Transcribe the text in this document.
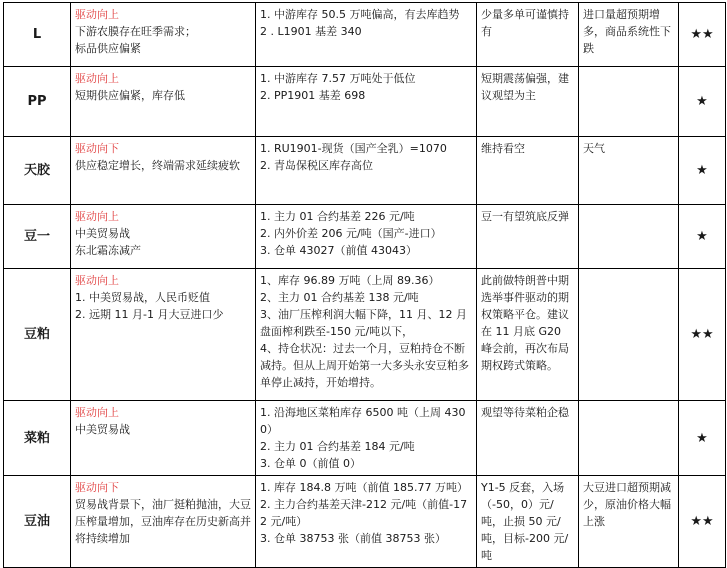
L	驱动向上
下游农膜存在旺季需求；
标品供应偏紧	1. 中游库存 50.5 万吨偏高，有去库趋势
2 . L1901 基差 340	少量多单可谨慎持有	进口量超预期增多，商品系统性下跌	★★
PP	驱动向上
短期供应偏紧，库存低	1. 中游库存 7.57 万吨处于低位
2. PP1901 基差 698	短期震荡偏强，建议观望为主		★
天胶	驱动向下
供应稳定增长，终端需求延续疲软	1. RU1901-现货（国产全乳）=1070
2. 青岛保税区库存高位	维持看空	天气	★
豆一	驱动向上
中美贸易战
东北霜冻减产	1. 主力 01 合约基差 226 元/吨
2. 内外价差 206 元/吨（国产-进口）
3. 仓单 43027（前值 43043）	豆一有望筑底反弹		★
豆粕	驱动向上
1. 中美贸易战，人民币贬值
2. 远期 11 月-1 月大豆进口少	1、库存 96.89 万吨（上周 89.36）
2、主力 01 合约基差 138 元/吨
3、油厂压榨利润大幅下降，11 月、12 月盘面榨利跌至-150 元/吨以下，
4、持仓状况：过去一个月，豆粕持仓不断减持。但从上周开始第一大多头永安豆粕多单停止减持，开始增持。	此前做特朗普中期选举事件驱动的期权策略平仓。建议在 11 月底 G20 峰会前，再次布局期权跨式策略。		★★
菜粕	驱动向上
中美贸易战	1. 沿海地区菜粕库存 6500 吨（上周 4300）
2. 主力 01 合约基差 184 元/吨
3. 仓单 0（前值 0）	观望等待菜粕企稳		★
豆油	驱动向下
贸易战背景下，油厂挺粕抛油，大豆压榨量增加，豆油库存在历史新高并将持续增加	1. 库存 184.8 万吨（前值 185.77 万吨）
2. 主力合约基差天津-212 元/吨（前值-172 元/吨）
3. 仓单 38753 张（前值 38753 张）	Y1-5 反套，入场（-50，0）元/吨，止损 50 元/吨，目标-200 元/吨	大豆进口超预期减少，原油价格大幅上涨	★★
